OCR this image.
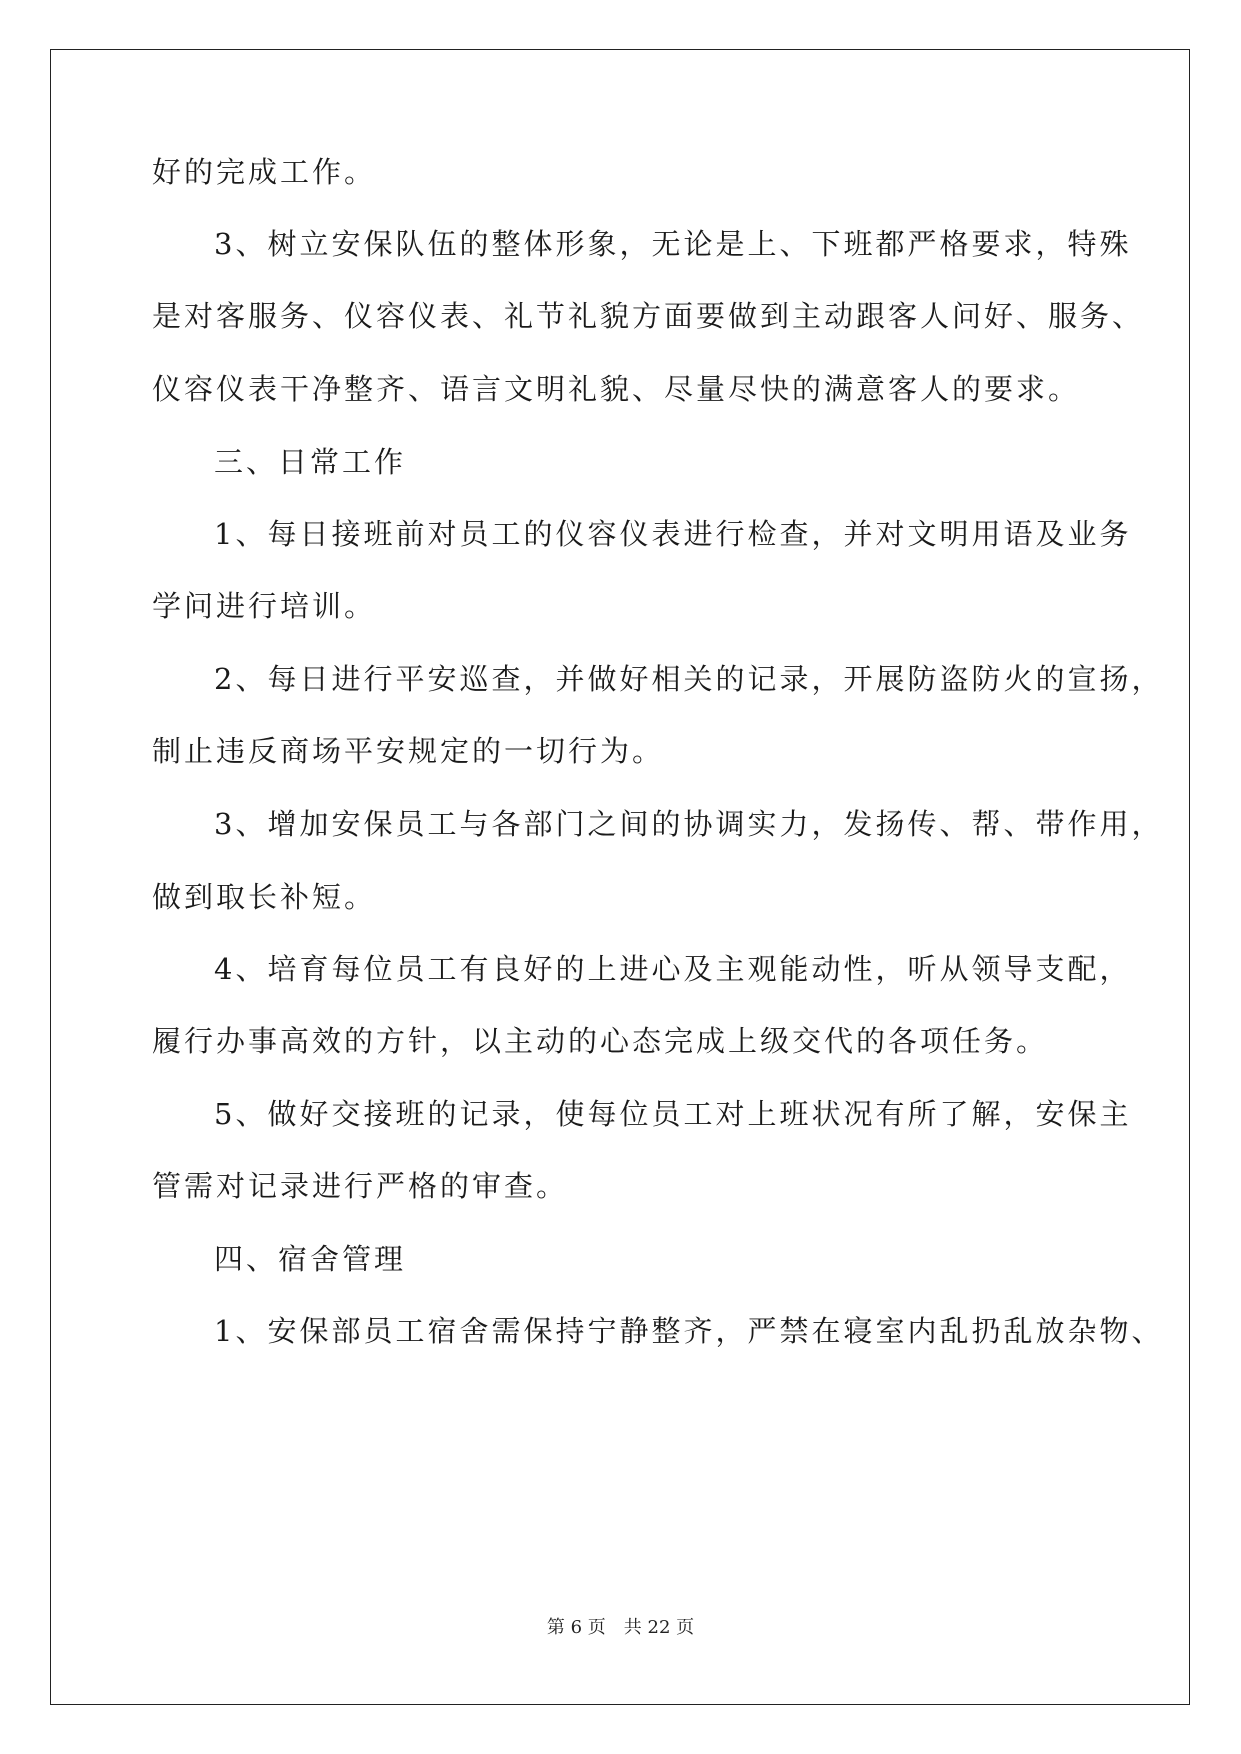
好的完成工作。
3、树立安保队伍的整体形象，无论是上、下班都严格要求，特殊
是对客服务、仪容仪表、礼节礼貌方面要做到主动跟客人问好、服务、
仪容仪表干净整齐、语言文明礼貌、尽量尽快的满意客人的要求。
三、日常工作
1、每日接班前对员工的仪容仪表进行检查，并对文明用语及业务
学问进行培训。
2、每日进行平安巡查，并做好相关的记录，开展防盗防火的宣扬，
制止违反商场平安规定的一切行为。
3、增加安保员工与各部门之间的协调实力，发扬传、帮、带作用，
做到取长补短。
4、培育每位员工有良好的上进心及主观能动性，听从领导支配，
履行办事高效的方针，以主动的心态完成上级交代的各项任务。
5、做好交接班的记录，使每位员工对上班状况有所了解，安保主
管需对记录进行严格的审查。
四、宿舍管理
1、安保部员工宿舍需保持宁静整齐，严禁在寝室内乱扔乱放杂物、
第 6 页 共 22 页
